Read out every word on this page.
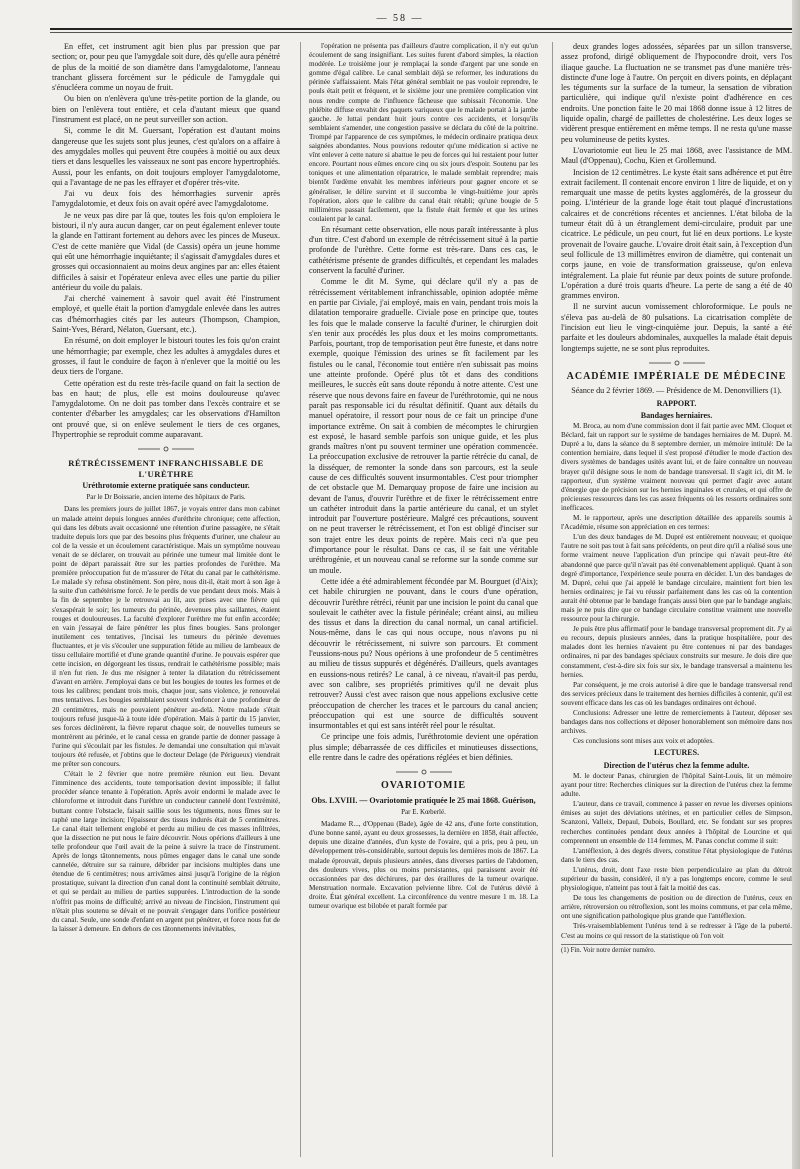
— 58 —

En effet, cet instrument agit bien plus par pression que par section; or, pour peu que l'amygdale soit dure, dès qu'elle aura pénétré de plus de la moitié de son diamètre dans l'amygdalotome, l'anneau tranchant glissera forcément sur le pédicule de l'amygdale qui s'énucléera comme un noyau de fruit.

Ou bien on n'enlèvera qu'une très-petite portion de la glande, ou bien on l'enlèvera tout entière, et cela d'autant mieux que quand l'instrument est placé, on ne peut surveiller son action.

Si, comme le dit M. Guersant, l'opération est d'autant moins dangereuse que les sujets sont plus jeunes, c'est qu'alors on a affaire à des amygdales molles qui peuvent être coupées à moitié ou aux deux tiers et dans lesquelles les vaisseaux ne sont pas encore hypertrophiés. Aussi, pour les enfants, on doit toujours employer l'amygdalotome, qui a l'avantage de ne pas les effrayer et d'opérer très-vite.

J'ai vu deux fois des hémorrhagies survenir après l'amygdalotomie, et deux fois on avait opéré avec l'amygdalotome.

Je ne veux pas dire par là que, toutes les fois qu'on emploiera le bistouri, il n'y aura aucun danger, car on peut également enlever toute la glande en l'attirant fortement au dehors avec les pinces de Museux. C'est de cette manière que Vidal (de Cassis) opéra un jeune homme qui eût une hémorrhagie inquiétante; il s'agissait d'amygdales dures et grosses qui occasionnaient au moins deux angines par an: elles étaient difficiles à saisir et l'opérateur enleva avec elles une partie du pilier antérieur du voile du palais.

J'ai cherché vainement à savoir quel avait été l'instrument employé, et quelle était la portion d'amygdale enlevée dans les autres cas d'hémorrhagies cités par les auteurs (Thompson, Champion, Saint-Yves, Bérard, Nélaton, Guersant, etc.).

En résumé, on doit employer le bistouri toutes les fois qu'on craint une hémorrhagie; par exemple, chez les adultes à amygdales dures et grosses, il faut le conduire de façon à n'enlever que la moitié ou les deux tiers de l'organe.

Cette opération est du reste très-facile quand on fait la section de bas en haut; de plus, elle est moins douloureuse qu'avec l'amygdalotome. On ne doit pas tomber dans l'excès contraire et se contenter d'ébarber les amygdales; car les observations d'Hamilton ont prouvé que, si on enlève seulement le tiers de ces organes, l'hypertrophie se reproduit comme auparavant.

RÉTRÉCISSEMENT INFRANCHISSABLE DE L'URÈTHRE

Uréthrotomie externe pratiquée sans conducteur.

Par le Dr Boissarie, ancien interne des hôpitaux de Paris.

Dans les premiers jours de juillet 1867, je voyais entrer dans mon cabinet un malade atteint depuis longues années d'uréthrite chronique; cette affection, qui dans les débuts avait occasionné une rétention d'urine passagère, ne s'était traduite depuis lors que par des besoins plus fréquents d'uriner, une chaleur au col de la vessie et un écoulement caractéristique. Mais un symptôme nouveau venait de se déclarer, on trouvait au périnée une tumeur mal limitée dont le point de départ paraissait être sur les parties profondes de l'urèthre. Ma première préoccupation fut de m'assurer de l'état du canal par le cathétérisme. Le malade s'y refusa obstinément. Son père, nous dit-il, était mort à son âge à la suite d'un cathétérisme forcé. Je le perdis de vue pendant deux mois. Mais à la fin de septembre je le retrouvai au lit, aux prises avec une fièvre qui s'exaspérait le soir; les tumeurs du périnée, devenues plus saillantes, étaient rouges et douloureuses. La faculté d'explorer l'urèthre me fut enfin accordée; en vain j'essayai de faire pénétrer les plus fines bougies. Sans prolonger inutilement ces tentatives, j'incisai les tumeurs du périnée devenues fluctuantes, et je vis s'écouler une suppuration fétide au milieu de lambeaux de tissu cellulaire mortifié et d'une grande quantité d'urine. Je pouvais espérer que cette incision, en dégorgeant les tissus, rendrait le cathétérisme possible; mais il n'en fut rien. Je dus me résigner à tenter la dilatation du rétrécissement d'avant en arrière. J'employai dans ce but les bougies de toutes les formes et de tous les calibres; pendant trois mois, chaque jour, sans violence, je renouvelai mes tentatives. Les bougies semblaient souvent s'enfoncer à une profondeur de 20 centimètres, mais ne pouvaient pénétrer au-delà. Notre malade s'était toujours refusé jusque-là à toute idée d'opération. Mais à partir du 15 janvier, ses forces déclinèrent, la fièvre reparut chaque soir, de nouvelles tumeurs se montrèrent au périnée, et le canal cessa en grande partie de donner passage à l'urine qui s'écoulait par les fistules. Je demandai une consultation qui m'avait toujours été refusée, et j'obtins que le docteur Delage (de Périgueux) viendrait me prêter son concours.

C'était le 2 février que notre première réunion eut lieu. Devant l'imminence des accidents, toute temporisation devint impossible; il fallut procéder séance tenante à l'opération. Après avoir endormi le malade avec le chloroforme et introduit dans l'urèthre un conducteur cannelé dont l'extrémité, buttant contre l'obstacle, faisait saillie sous les téguments, nous fîmes sur le raphé une large incision; l'épaisseur des tissus indurés était de 5 centimètres. Le canal était tellement englobé et perdu au milieu de ces masses infiltrées, que la dissection ne put nous le faire découvrir. Nous opérions d'ailleurs à une telle profondeur que l'œil avait de la peine à suivre la trace de l'instrument. Après de longs tâtonnements, nous pûmes engager dans le canal une sonde cannelée, détruire sur sa rainure, débrider par incisions multiples dans une étendue de 6 centimètres; nous arrivâmes ainsi jusqu'à l'origine de la région prostatique, suivant la direction d'un canal dont la continuité semblait détruite, et qui se perdait au milieu de parties suppurées. L'introduction de la sonde n'offrit pas moins de difficulté; arrivé au niveau de l'incision, l'instrument qui n'était plus soutenu se dévait et ne pouvait s'engager dans l'orifice postérieur du canal. Seule, une sonde d'enfant en argent put pénétrer, et force nous fut de la laisser à demeure. En dehors de ces tâtonnements inévitables,

l'opération ne présenta pas d'ailleurs d'autre complication, il n'y eut qu'un écoulement de sang insignifiant. Les suites furent d'abord simples, la réaction modérée. Le troisième jour je remplaçai la sonde d'argent par une sonde en gomme d'égal calibre. Le canal semblait déjà se reformer, les indurations du périnée s'affaissaient. Mais l'état général semblait ne pas vouloir reprendre, le pouls était petit et fréquent, et le sixième jour une première complication vint nous rendre compte de l'influence fâcheuse que subissait l'économie. Une phlébite diffuse envahit des paquets variqueux que le malade portait à la jambe gauche. Je luttai pendant huit jours contre ces accidents, et lorsqu'ils semblaient s'amender, une congestion passive se déclara du côté de la poitrine. Trompé par l'apparence de ces symptômes, le médecin ordinaire pratiqua deux saignées abondantes. Nous pouvions redouter qu'une médication si active ne vînt enlever à cette nature si abattue le peu de forces qui lui restaient pour lutter encore. Pourtant nous eûmes encore cinq ou six jours d'espoir. Soutenu par les toniques et une alimentation réparatrice, le malade semblait reprendre; mais bientôt l'œdème envahit les membres inférieurs pour gagner encore et se généraliser, le délire survint et il succomba le vingt-huitième jour après l'opération, alors que le calibre du canal était rétabli; qu'une bougie de 5 millimètres passait facilement, que la fistule était fermée et que les urines coulaient par le canal.

En résumant cette observation, elle nous paraît intéressante à plus d'un titre. C'est d'abord un exemple de rétrécissement situé à la partie profonde de l'urèthre. Cette forme est très-rare. Dans ces cas, le cathétérisme présente de grandes difficultés, et cependant les malades conservent la faculté d'uriner.

Comme le dit M. Syme, qui déclare qu'il n'y a pas de rétrécissement véritablement infranchissable, opinion adoptée même en partie par Civiale, j'ai employé, mais en vain, pendant trois mois la dilatation temporaire graduelle. Civiale pose en principe que, toutes les fois que le malade conserve la faculté d'uriner, le chirurgien doit s'en tenir aux procédés les plus doux et les moins compromettants. Parfois, pourtant, trop de temporisation peut être funeste, et dans notre exemple, quoique l'émission des urines se fît facilement par les fistules ou le canal, l'économie tout entière n'en subissait pas moins une atteinte profonde. Opéré plus tôt et dans des conditions meilleures, le succès eût sans doute répondu à notre attente. C'est une réserve que nous devons faire en faveur de l'uréthrotomie, qui ne nous paraît pas responsable ici du résultat définitif. Quant aux détails du manuel opératoire, il ressort pour nous de ce fait un principe d'une importance extrême. On sait à combien de mécomptes le chirurgien est exposé, le hasard semble parfois son unique guide, et les plus grands maîtres n'ont pu souvent terminer une opération commencée. La préoccupation exclusive de retrouver la partie rétrécie du canal, de la disséquer, de remonter la sonde dans son parcours, est la seule cause de ces difficultés souvent insurmontables. C'est pour triompher de cet obstacle que M. Demarquay propose de faire une incision au devant de l'anus, d'ouvrir l'urèthre et de fixer le rétrécissement entre un cathéter introduit dans la partie antérieure du canal, et un stylet introduit par l'ouverture postérieure. Malgré ces précautions, souvent on ne peut traverser le rétrécissement, et l'on est obligé d'inciser sur son trajet entre les deux points de repère. Mais ceci n'a que peu d'importance pour le résultat. Dans ce cas, il se fait une véritable uréthrogénie, et un nouveau canal se reforme sur la sonde comme sur un moule.

Cette idée a été admirablement fécondée par M. Bourguet (d'Aix); cet habile chirurgien ne pouvant, dans le cours d'une opération, découvrir l'urèthre rétréci, réunit par une incision le point du canal que soulevait le cathéter avec la fistule périnéale; créant ainsi, au milieu des tissus et dans la direction du canal normal, un canal artificiel. Nous-même, dans le cas qui nous occupe, nous n'avons pu ni découvrir le rétrécissement, ni suivre son parcours. Et comment l'eussions-nous pu? Nous opérions à une profondeur de 5 centimètres au milieu de tissus suppurés et dégénérés. D'ailleurs, quels avantages en eussions-nous retirés? Le canal, à ce niveau, n'avait-il pas perdu, avec son calibre, ses propriétés primitives qu'il ne devait plus retrouver? Aussi c'est avec raison que nous appelions exclusive cette préoccupation de chercher les traces et le parcours du canal ancien; préoccupation qui est une source de difficultés souvent insurmontables et qui est sans intérêt réel pour le résultat.

Ce principe une fois admis, l'uréthrotomie devient une opération plus simple; débarrassée de ces difficiles et minutieuses dissections, elle rentre dans le cadre des opérations réglées et bien définies.

OVARIOTOMIE

Obs. LXVIII. — Ovariotomie pratiquée le 25 mai 1868. Guérison,

Par E. Kœberlé.

Madame R..., d'Oppenau (Bade), âgée de 42 ans, d'une forte constitution, d'une bonne santé, ayant eu deux grossesses, la dernière en 1858, était affectée, depuis une dizaine d'années, d'un kyste de l'ovaire, qui a pris, peu à peu, un développement très-considérable, surtout depuis les dernières mois de 1867. La malade éprouvait, depuis plusieurs années, dans diverses parties de l'abdomen, des douleurs vives, plus ou moins persistantes, qui paraissent avoir été occasionnées par des déchirures, par des éraillures de la tumeur ovarique. Menstruation normale. Excavation pelvienne libre. Col de l'utérus dévié à droite. État général excellent. La circonférence du ventre mesure 1 m. 18. La tumeur ovarique est bilobée et paraît formée par

deux grandes loges adossées, séparées par un sillon transverse, assez profond, dirigé obliquement de l'hypocondre droit, vers l'os iliaque gauche. La fluctuation ne se transmet pas d'une manière très-distincte d'une loge à l'autre. On perçoit en divers points, en déplaçant les téguments sur la surface de la tumeur, la sensation de vibration particulière, qui indique qu'il n'existe point d'adhérence en ces endroits. Une ponction faite le 20 mai 1868 donne issue à 12 litres de liquide opalin, chargé de paillettes de cholestérine. Les deux loges se vidèrent presque entièrement en même temps. Il ne resta qu'une masse peu volumineuse de petits kystes.

L'ovariotomie eut lieu le 25 mai 1868, avec l'assistance de MM. Maul (d'Oppenau), Cochu, Kien et Grollemund.

Incision de 12 centimètres. Le kyste était sans adhérence et put être extrait facilement. Il contenait encore environ 1 litre de liquide, et on y remarquait une masse de petits kystes agglomérés, de la grosseur du poing. L'intérieur de la grande loge était tout plaqué d'incrustations calcaires et de concrétions récentes et anciennes. L'état biloba de la tumeur était dû à un étranglement demi-circulaire, produit par une cicatrice. Le pédicule, un peu court, fut lié en deux portions. Le kyste provenait de l'ovaire gauche. L'ovaire droit était sain, à l'exception d'un seul follicule de 13 millimètres environ de diamètre, qui contenait un corps jaune, en voie de transformation graisseuse, qu'on enleva intégralement. La plaie fut réunie par deux points de suture profonde. L'opération a duré trois quarts d'heure. La perte de sang a été de 40 grammes environ.

Il ne survint aucun vomissement chloroformique. Le pouls ne s'éleva pas au-delà de 80 pulsations. La cicatrisation complète de l'incision eut lieu le vingt-cinquième jour. Depuis, la santé a été parfaite et les douleurs abdominales, auxquelles la malade était depuis longtemps sujette, ne se sont plus reproduites.

ACADÉMIE IMPÉRIALE DE MÉDECINE

Séance du 2 février 1869. — Présidence de M. Denonvilliers (1).

RAPPORT.

Bandages herniaires.

M. Broca, au nom d'une commission dont il fait partie avec MM. Cloquet et Béclard, fait un rapport sur le système de bandages herniaires de M. Dupré. M. Dupré a lu, dans la séance du 8 septembre dernier, un mémoire intitulé: De la contention herniaire, dans lequel il s'est proposé d'étudier le mode d'action des divers systèmes de bandages usités avant lui, et de faire connaître un nouveau brayer qu'il désigne sous le nom de bandage transversal. Il s'agit ici, dit M. le rapporteur, d'un système vraiment nouveau qui permet d'agir avec autant d'énergie que de précision sur les hernies inguinales et crurales, et qui offre de précieuses ressources dans les cas assez fréquents où les ressorts ordinaires sont inefficaces.

M. le rapporteur, après une description détaillée des appareils soumis à l'Académie, résume son appréciation en ces termes:

L'un des deux bandages de M. Dupré est entièrement nouveau; et quoique l'autre ne soit pas tout à fait sans précédents, on peut dire qu'il a réalisé sous une forme vraiment neuve l'application d'un principe qui n'avait peut-être été abandonné que parce qu'il n'avait pas été convenablement appliqué. Quant à son degré d'importance, l'expérience seule pourra en décider. L'un des bandages de M. Dupré, celui que j'ai appelé le bandage circulaire, maintient fort bien les hernies ordinaires; je l'ai vu réussir parfaitement dans les cas où la contention aurait été obtenue par le bandage français aussi bien que par le bandage anglais; mais je ne puis dire que ce bandage circulaire constitue vraiment une nouvelle ressource pour la chirurgie.

Je puis être plus affirmatif pour le bandage transversal proprement dit. J'y ai eu recours, depuis plusieurs années, dans la pratique hospitalière, pour des malades dont les hernies n'avaient pu être contenues ni par des bandages ordinaires, ni par des bandages spéciaux construits sur mesure. Je dois dire que constamment, c'est-à-dire six fois sur six, le bandage transversal a maintenu les hernies.

Par conséquent, je me crois autorisé à dire que le bandage transversal rend des services précieux dans le traitement des hernies difficiles à contenir, qu'il est souvent efficace dans les cas où les bandages ordinaires ont échoué.

Conclusions: Adresser une lettre de remerciements à l'auteur, déposer ses bandages dans nos collections et déposer honorablement son mémoire dans nos archives.

Ces conclusions sont mises aux voix et adoptées.

LECTURES.

Direction de l'utérus chez la femme adulte.

M. le docteur Panas, chirurgien de l'hôpital Saint-Louis, lit un mémoire ayant pour titre: Recherches cliniques sur la direction de l'utérus chez la femme adulte.

L'auteur, dans ce travail, commence à passer en revue les diverses opinions émises au sujet des déviations utérines, et en particulier celles de Simpson, Scanzoni, Valleix, Depaul, Dubois, Boullard, etc. Se fondant sur ses propres recherches continuées pendant deux années à l'hôpital de Lourcine et qui comprennent un ensemble de 114 femmes, M. Panas conclut comme il suit:

L'antéflexion, à des degrés divers, constitue l'état physiologique de l'utérus dans le tiers des cas.

L'utérus, droit, dont l'axe reste bien perpendiculaire au plan du détroit supérieur du bassin, considéré, il n'y a pas longtemps encore, comme le seul physiologique, n'atteint pas tout à fait la moitié des cas.

De tous les changements de position ou de direction de l'utérus, ceux en arrière, rétroversion ou rétroflexion, sont les moins communs, et par cela même, ont une signification pathologique plus grande que l'antéflexion.

Très-vraisemblablement l'utérus tend à se redresser à l'âge de la puberté. C'est au moins ce qui ressort de la statistique où l'on voit

(1) Fin. Voir notre dernier numéro.
